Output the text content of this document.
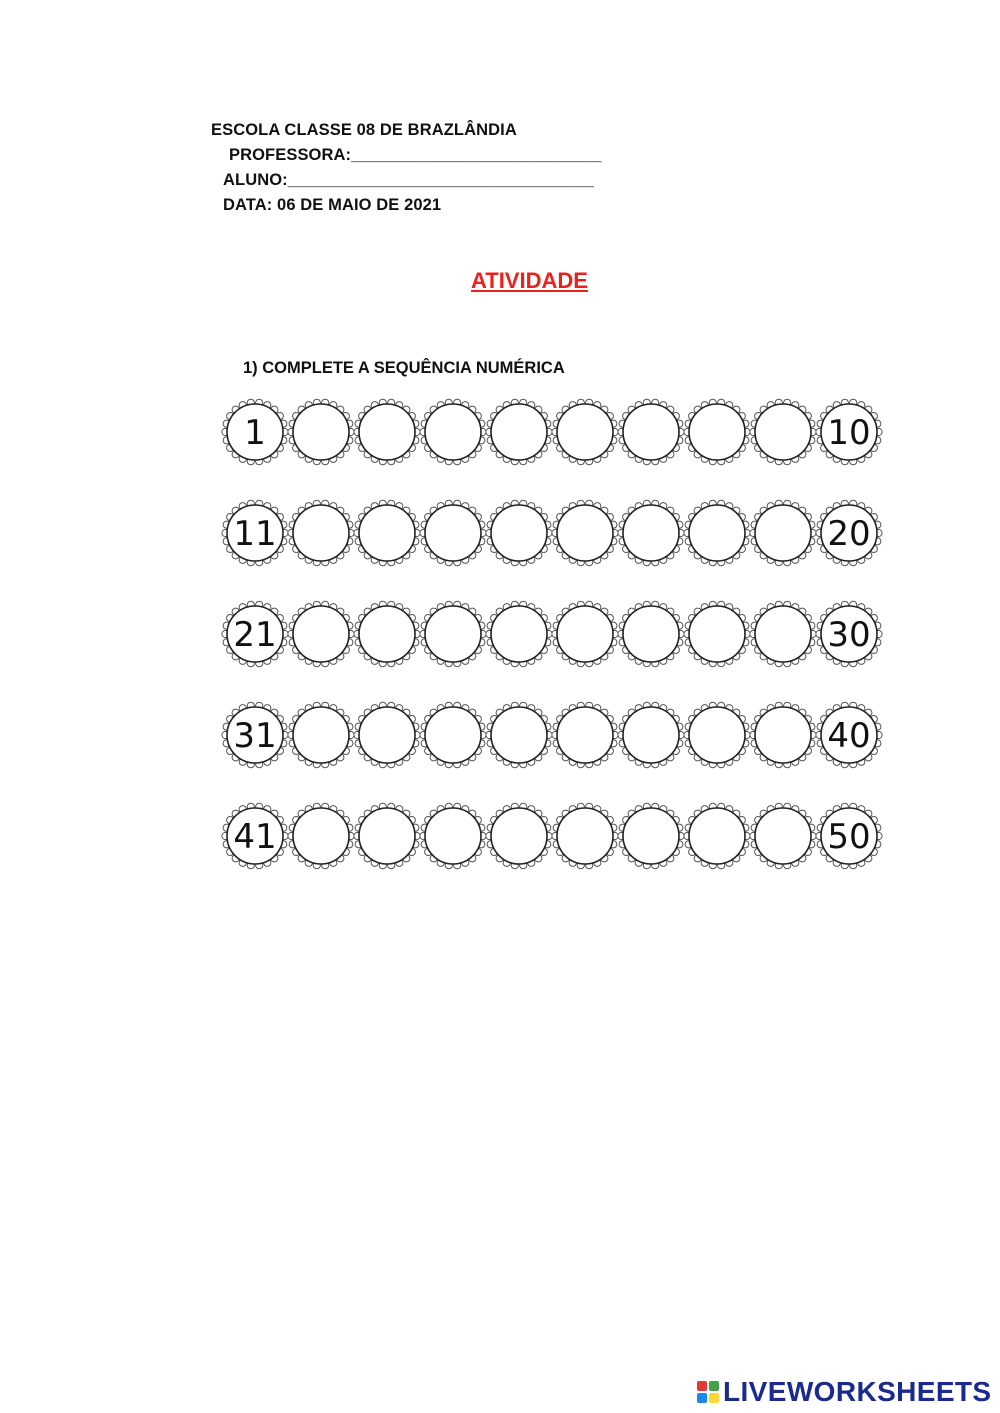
ESCOLA CLASSE 08 DE BRAZLÂNDIA
PROFESSORA:___________________________
ALUNO:_________________________________
DATA: 06 DE MAIO DE 2021
ATIVIDADE
1) COMPLETE A SEQUÊNCIA NUMÉRICA
1	10
11	20
21	30
31	40
41	50
LIVEWORKSHEETS
